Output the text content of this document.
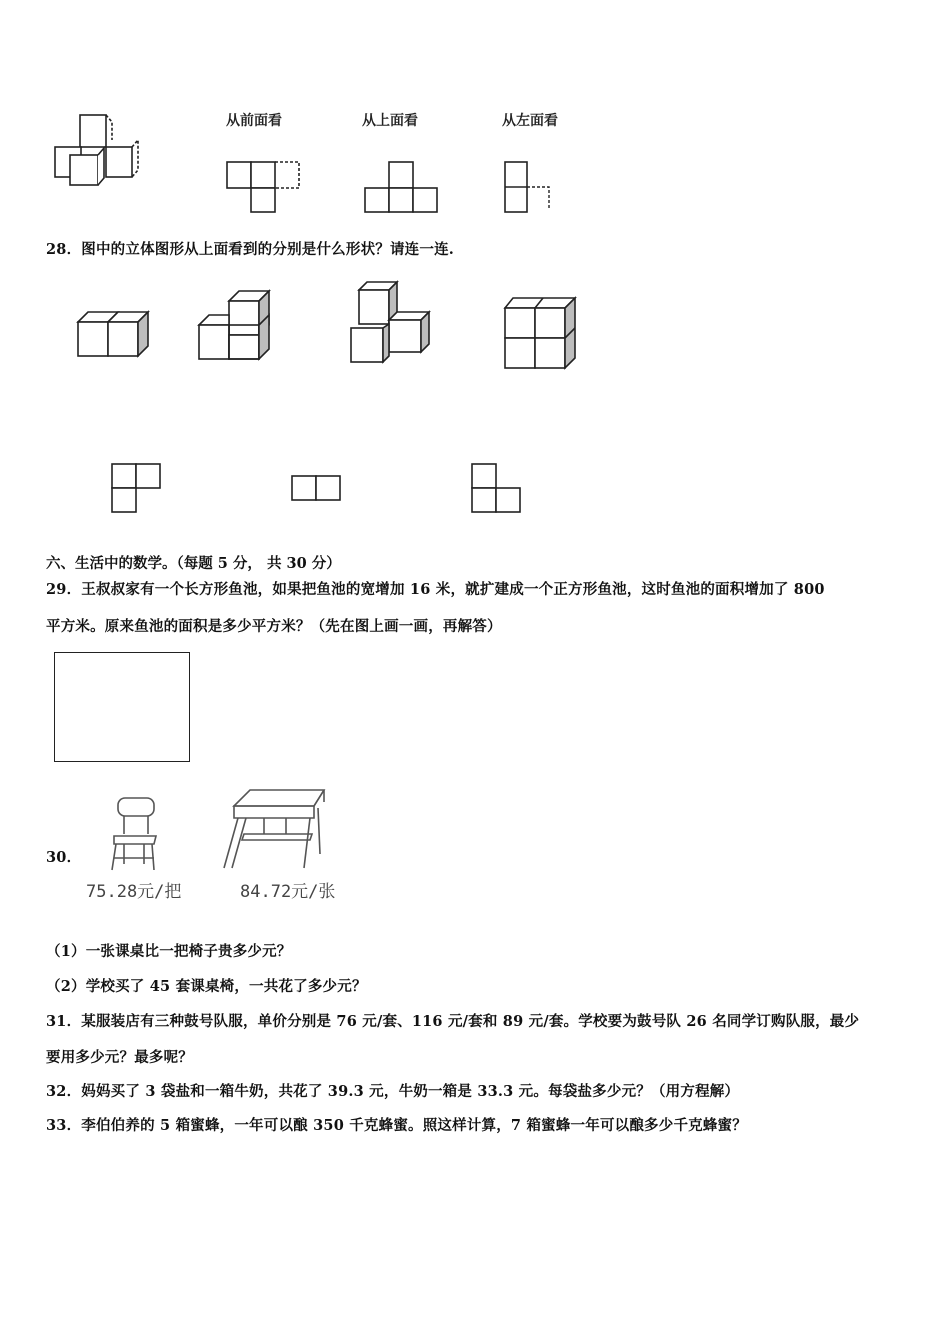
从前面看	从上面看	从左面看
28．图中的立体图形从上面看到的分别是什么形状？请连一连.
六、生活中的数学。（每题 5 分， 共 30 分）
29．王叔叔家有一个长方形鱼池，如果把鱼池的宽增加 16 米，就扩建成一个正方形鱼池，这时鱼池的面积增加了 800
平方米。原来鱼池的面积是多少平方米？（先在图上画一画，再解答）
30．
75.28元/把	84.72元/张
（1）一张课桌比一把椅子贵多少元？
（2）学校买了 45 套课桌椅，一共花了多少元？
31．某服装店有三种鼓号队服，单价分别是 76 元/套、116 元/套和 89 元/套。学校要为鼓号队 26 名同学订购队服，最少
要用多少元？最多呢？
32．妈妈买了 3 袋盐和一箱牛奶，共花了 39.3 元，牛奶一箱是 33.3 元。每袋盐多少元？（用方程解）
33．李伯伯养的 5 箱蜜蜂，一年可以酿 350 千克蜂蜜。照这样计算，7 箱蜜蜂一年可以酿多少千克蜂蜜？
